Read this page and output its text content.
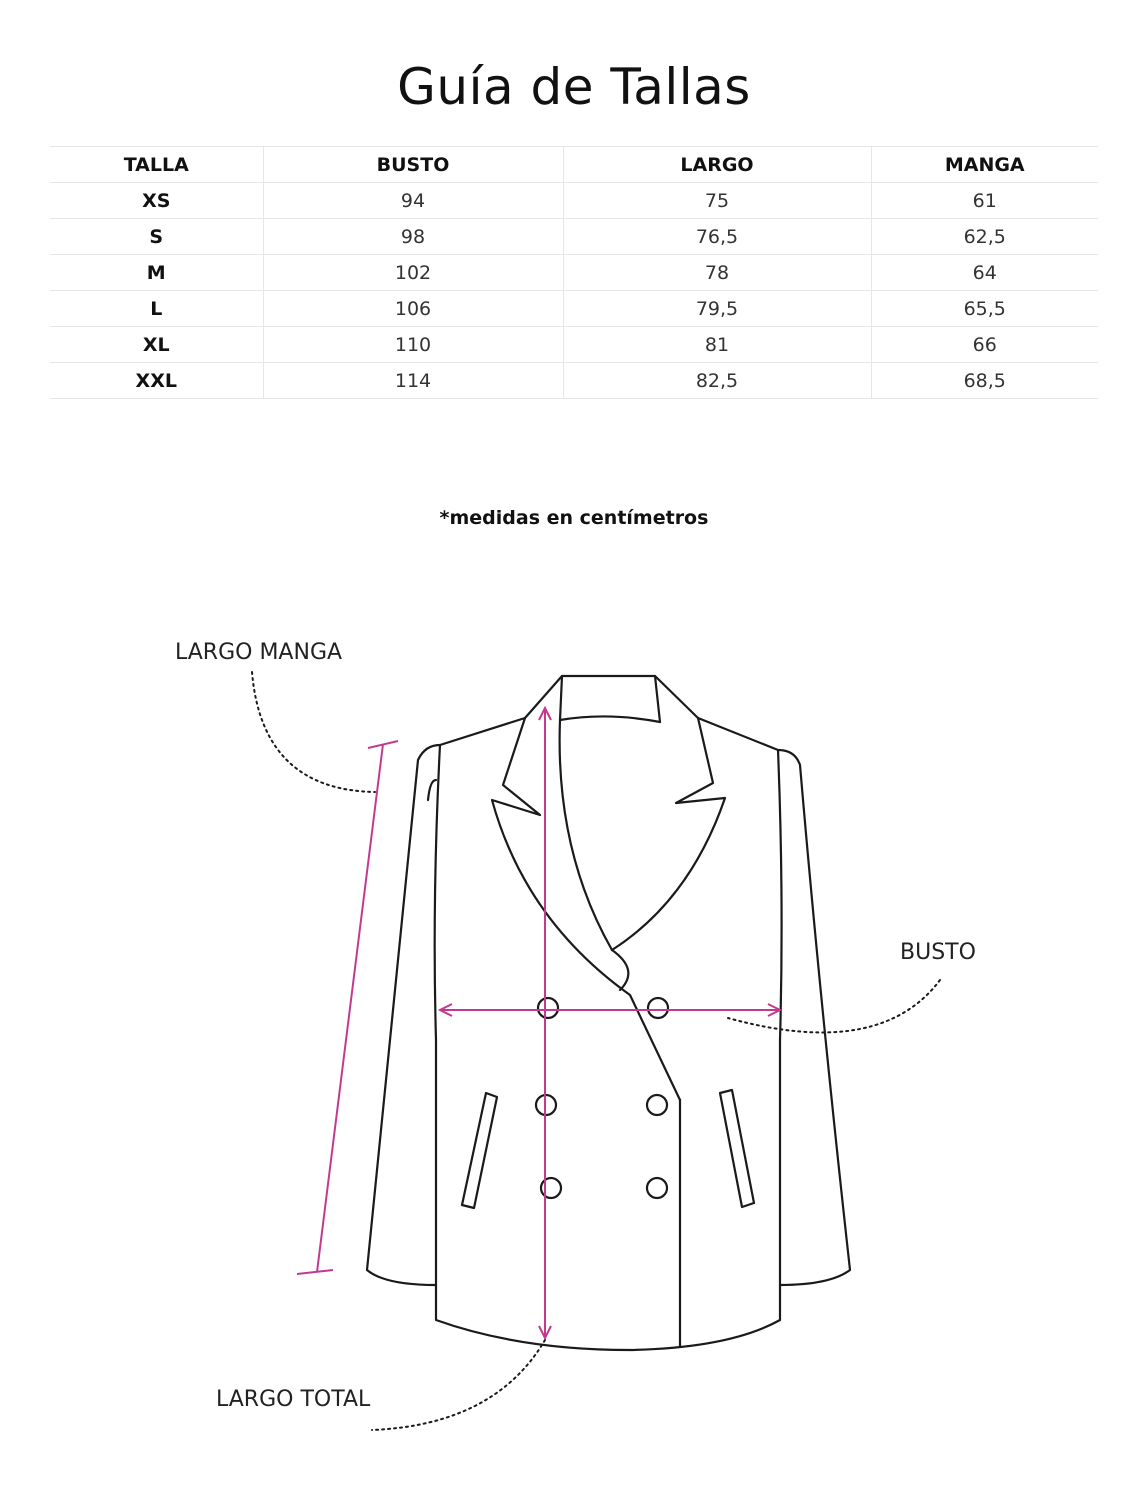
Guía de Tallas
TALLA	BUSTO	LARGO	MANGA
XS	94	75	61
S	98	76,5	62,5
M	102	78	64
L	106	79,5	65,5
XL	110	81	66
XXL	114	82,5	68,5
*medidas en centímetros
LARGO MANGA
BUSTO
LARGO TOTAL
